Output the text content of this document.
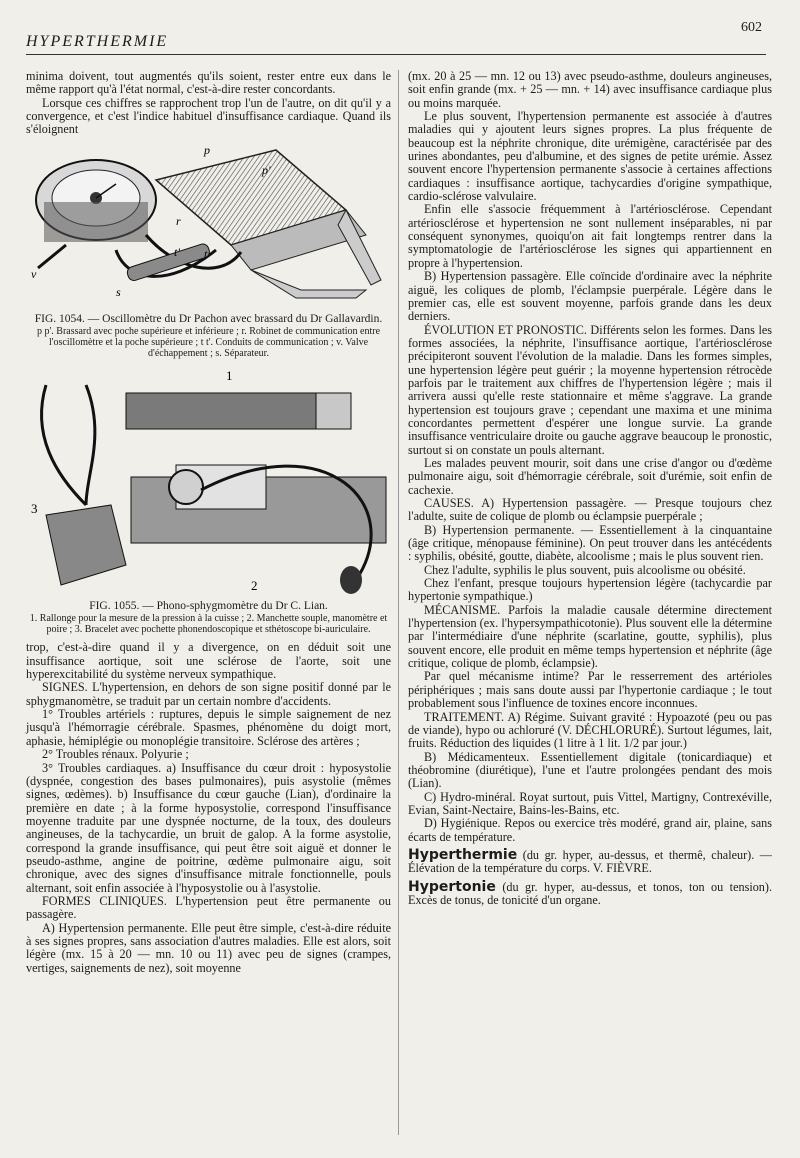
HYPERTHERMIE
602

minima doivent, tout augmentés qu'ils soient, rester entre eux dans le même rapport qu'à l'état normal, c'est-à-dire rester concordants.

Lorsque ces chiffres se rapprochent trop l'un de l'autre, on dit qu'il y a convergence, et c'est l'indice habituel d'insuffisance cardiaque. Quand ils s'éloignent

p
p'
r
t' t
v
s

FIG. 1054. — Oscillomètre du Dr Pachon avec brassard du Dr Gallavardin.

p p'. Brassard avec poche supérieure et inférieure ; r. Robinet de communication entre l'oscillomètre et la poche supérieure ; t t'. Conduits de communication ; v. Valve d'échappement ; s. Séparateur.

1
3
2

FIG. 1055. — Phono-sphygmomètre du Dr C. Lian.

1. Rallonge pour la mesure de la pression à la cuisse ; 2. Manchette souple, manomètre et poire ; 3. Bracelet avec pochette phonendoscopique et sthétoscope bi-auriculaire.

trop, c'est-à-dire quand il y a divergence, on en déduit soit une insuffisance aortique, soit une sclérose de l'aorte, soit une hyperexcitabilité du système nerveux sympathique.

SIGNES. L'hypertension, en dehors de son signe positif donné par le sphygmanomètre, se traduit par un certain nombre d'accidents.

1° Troubles artériels : ruptures, depuis le simple saignement de nez jusqu'à l'hémorragie cérébrale. Spasmes, phénomène du doigt mort, aphasie, hémiplégie ou monoplégie transitoire. Sclérose des artères ;

2° Troubles rénaux. Polyurie ;

3° Troubles cardiaques. a) Insuffisance du cœur droit : hyposystolie (dyspnée, congestion des bases pulmonaires), puis asystolie (mêmes signes, œdèmes). b) Insuffisance du cœur gauche (Lian), d'ordinaire la première en date ; à la forme hyposystolie, correspond l'insuffisance moyenne traduite par une dyspnée nocturne, de la toux, des douleurs angineuses, de la tachycardie, un bruit de galop. A la forme asystolie, correspond la grande insuffisance, qui peut être soit aiguë et donner le pseudo-asthme, angine de poitrine, œdème pulmonaire aigu, soit chronique, avec des signes d'insuffisance mitrale fonctionnelle, pouls alternant, soit enfin associée à l'hyposystolie ou à l'asystolie.

FORMES CLINIQUES. L'hypertension peut être permanente ou passagère.

A) Hypertension permanente. Elle peut être simple, c'est-à-dire réduite à ses signes propres, sans association d'autres maladies. Elle est alors, soit légère (mx. 15 à 20 — mn. 10 ou 11) avec peu de signes (crampes, vertiges, saignements de nez), soit moyenne

(mx. 20 à 25 — mn. 12 ou 13) avec pseudo-asthme, douleurs angineuses, soit enfin grande (mx. + 25 — mn. + 14) avec insuffisance cardiaque plus ou moins marquée.

Le plus souvent, l'hypertension permanente est associée à d'autres maladies qui y ajoutent leurs signes propres. La plus fréquente de beaucoup est la néphrite chronique, dite urémigène, caractérisée par des urines abondantes, peu d'albumine, et des signes de petite urémie. Assez souvent encore l'hypertension permanente s'associe à certaines affections cardiaques : insuffisance aortique, tachycardies d'origine sympathique, cardio-sclérose valvulaire.

Enfin elle s'associe fréquemment à l'artériosclérose. Cependant artériosclérose et hypertension ne sont nullement inséparables, ni par conséquent synonymes, quoiqu'on ait fait longtemps rentrer dans la symptomatologie de l'artériosclérose les signes qui appartiennent en propre à l'hypertension.

B) Hypertension passagère. Elle coïncide d'ordinaire avec la néphrite aiguë, les coliques de plomb, l'éclampsie puerpérale. Légère dans le premier cas, elle est souvent moyenne, parfois grande dans les deux derniers.

ÉVOLUTION ET PRONOSTIC. Différents selon les formes. Dans les formes associées, la néphrite, l'insuffisance aortique, l'artériosclérose précipiteront souvent l'évolution de la maladie. Dans les formes simples, une hypertension légère peut guérir ; la moyenne hypertension rétrocède parfois par le traitement aux chiffres de l'hypertension légère ; mais il arrivera aussi qu'elle reste stationnaire et même s'aggrave. La grande hypertension est toujours grave ; cependant une maxima et une minima concordantes permettent d'espérer une longue survie. La grande insuffisance ventriculaire droite ou gauche aggrave beaucoup le pronostic, surtout si on constate un pouls alternant.

Les malades peuvent mourir, soit dans une crise d'angor ou d'œdème pulmonaire aigu, soit d'hémorragie cérébrale, soit d'urémie, soit enfin de cachexie.

CAUSES. A) Hypertension passagère. — Presque toujours chez l'adulte, suite de colique de plomb ou éclampsie puerpérale ;

B) Hypertension permanente. — Essentiellement à la cinquantaine (âge critique, ménopause féminine). On peut trouver dans les antécédents : syphilis, obésité, goutte, diabète, alcoolisme ; mais le plus souvent rien.

Chez l'adulte, syphilis le plus souvent, puis alcoolisme ou obésité.

Chez l'enfant, presque toujours hypertension légère (tachycardie par hypertonie sympathique.)

MÉCANISME. Parfois la maladie causale détermine directement l'hypertension (ex. l'hypersympathicotonie). Plus souvent elle la détermine par l'intermédiaire d'une néphrite (scarlatine, goutte, syphilis), plus souvent encore, elle produit en même temps hypertension et néphrite (âge critique, colique de plomb, éclampsie).

Par quel mécanisme intime? Par le resserrement des artérioles périphériques ; mais sans doute aussi par l'hypertonie cardiaque ; le tout probablement sous l'influence de toxines encore inconnues.

TRAITEMENT. A) Régime. Suivant gravité : Hypoazoté (peu ou pas de viande), hypo ou achloruré (V. DÉCHLORURÉ). Surtout légumes, lait, fruits. Réduction des liquides (1 litre à 1 lit. 1/2 par jour.)

B) Médicamenteux. Essentiellement digitale (tonicardiaque) et théobromine (diurétique), l'une et l'autre prolongées pendant des mois (Lian).

C) Hydro-minéral. Royat surtout, puis Vittel, Martigny, Contrexéville, Evian, Saint-Nectaire, Bains-les-Bains, etc.

D) Hygiénique. Repos ou exercice très modéré, grand air, plaine, sans écarts de température.

Hyperthermie (du gr. hyper, au-dessus, et thermê, chaleur). — Élévation de la température du corps. V. FIÈVRE.

Hypertonie (du gr. hyper, au-dessus, et tonos, ton ou tension). Excès de tonus, de tonicité d'un organe.
